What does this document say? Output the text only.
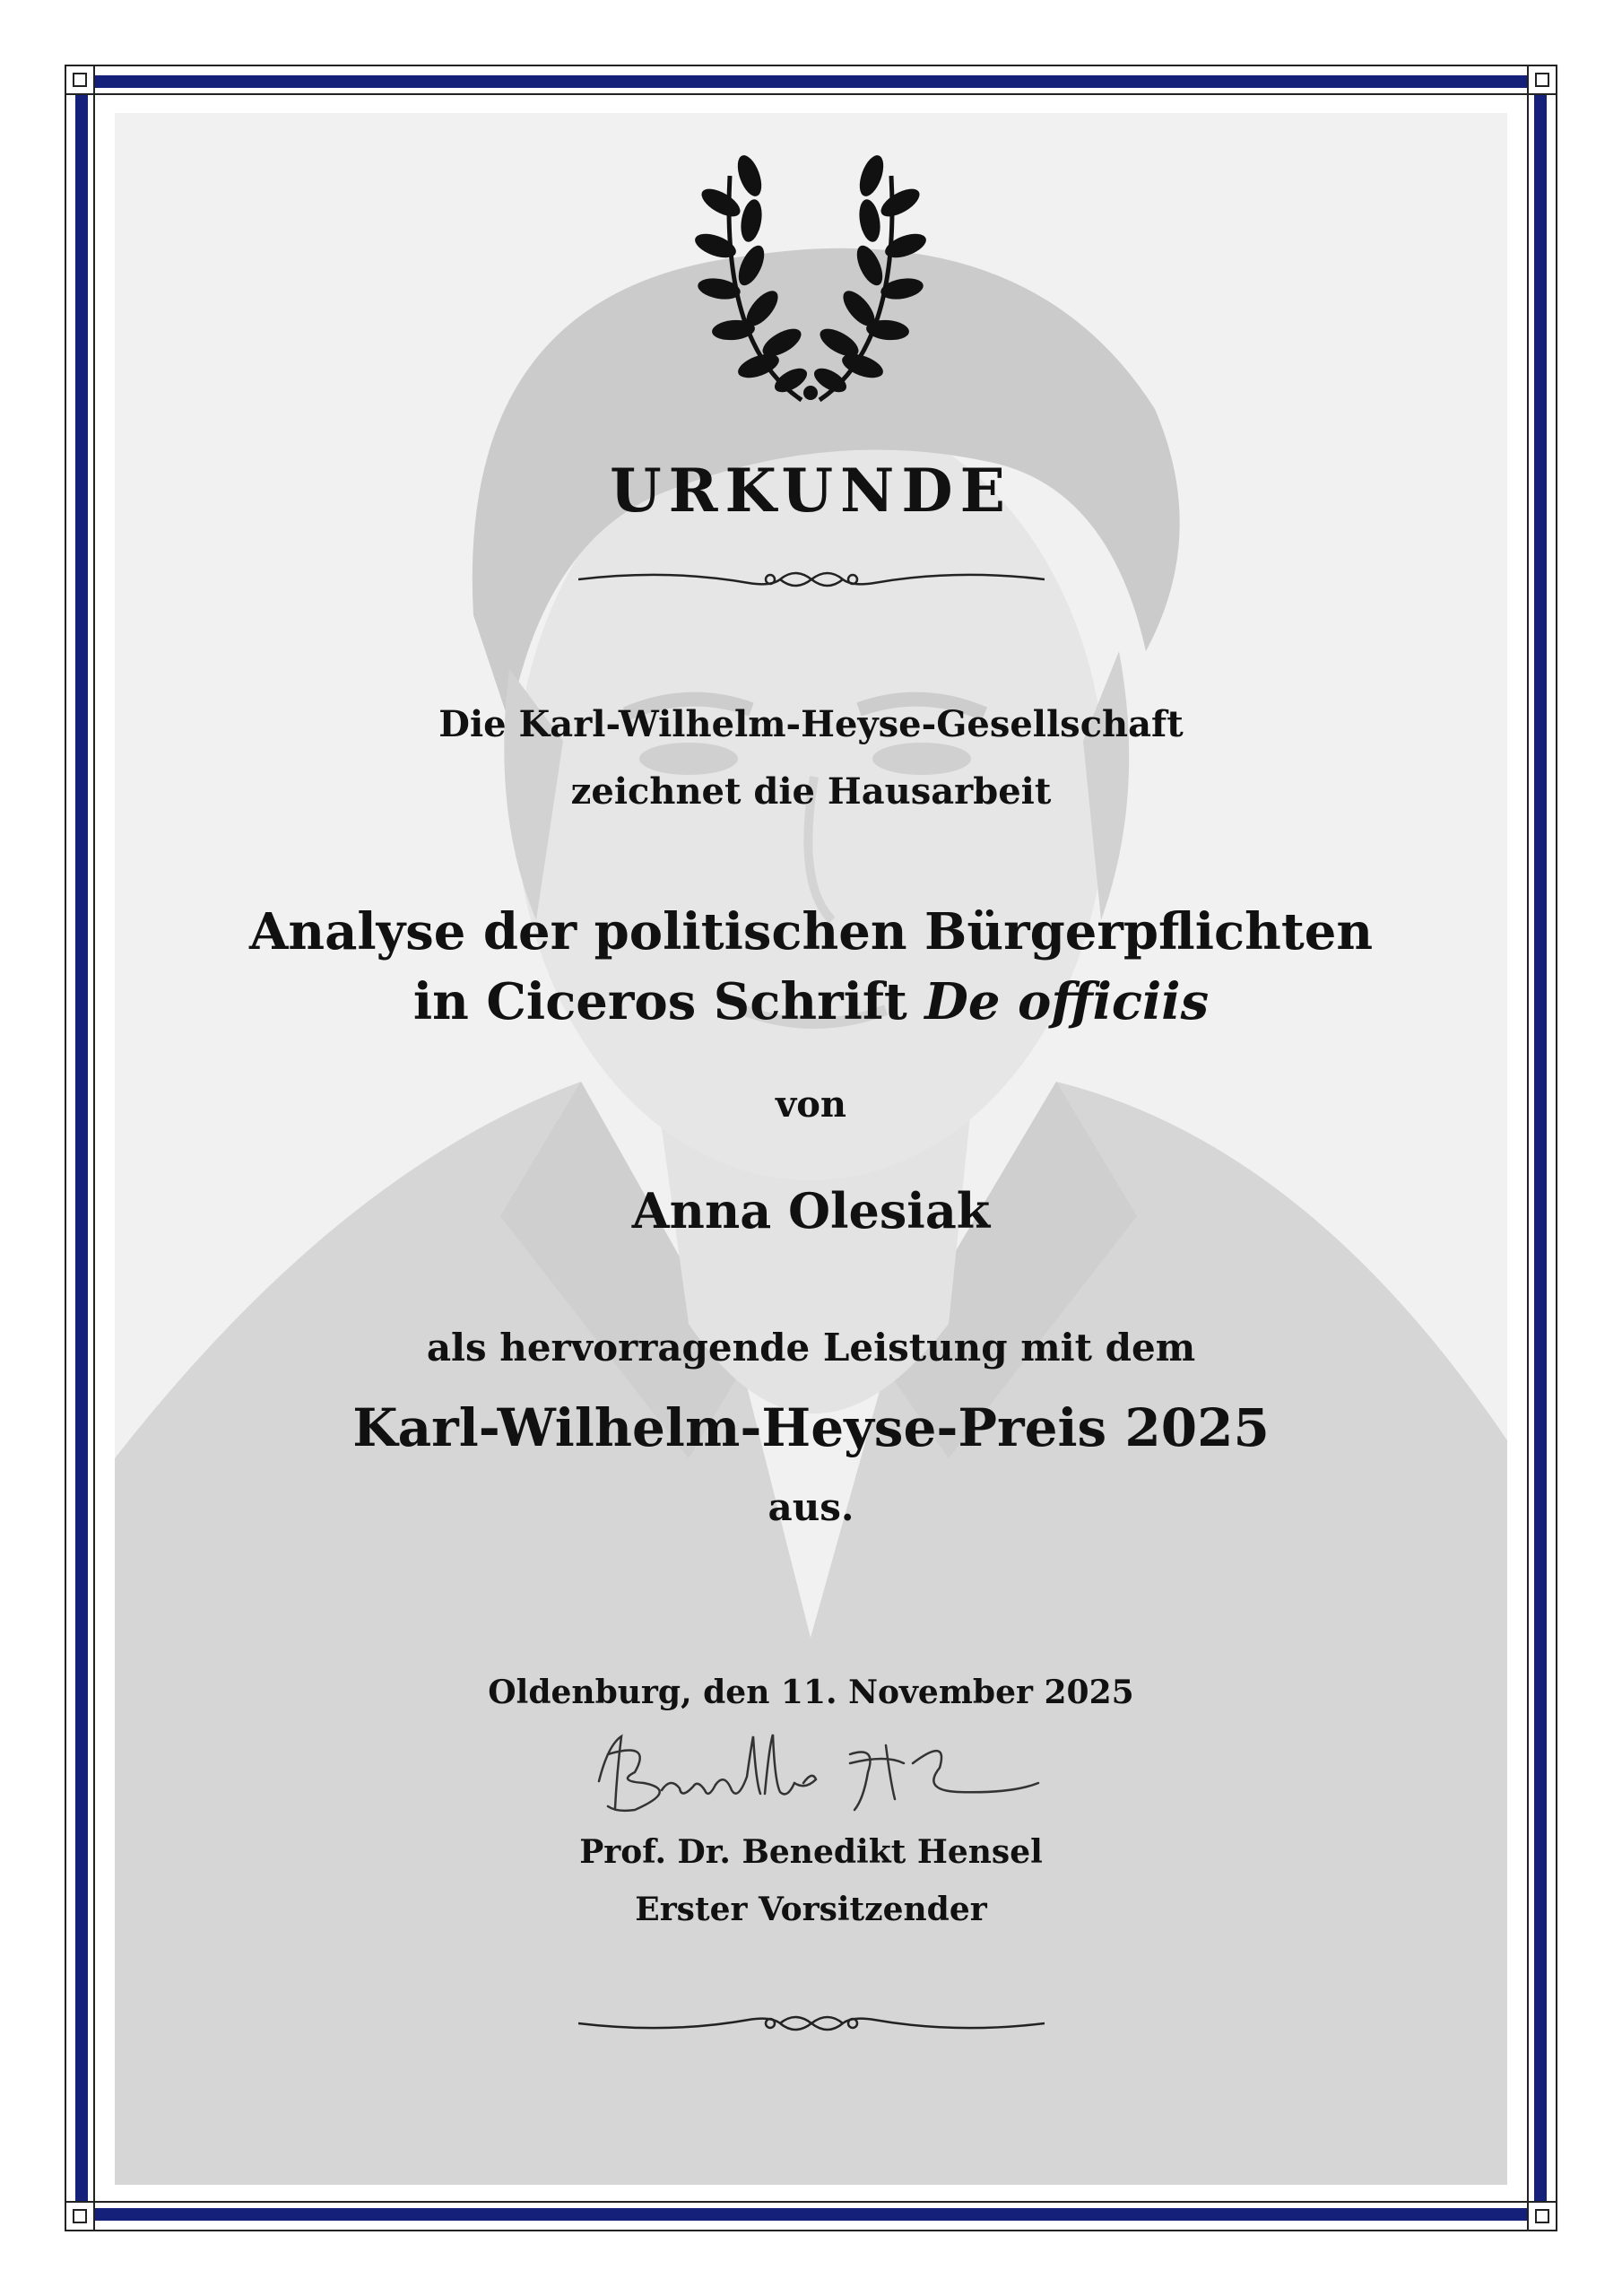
URKUNDE

Die Karl-Wilhelm-Heyse-Gesellschaft

zeichnet die Hausarbeit

Analyse der politischen Bürgerpflichten

in Ciceros Schrift De officiis

von

Anna Olesiak

als hervorragende Leistung mit dem

Karl-Wilhelm-Heyse-Preis 2025

aus.

Oldenburg, den 11. November 2025

Prof. Dr. Benedikt Hensel

Erster Vorsitzender
